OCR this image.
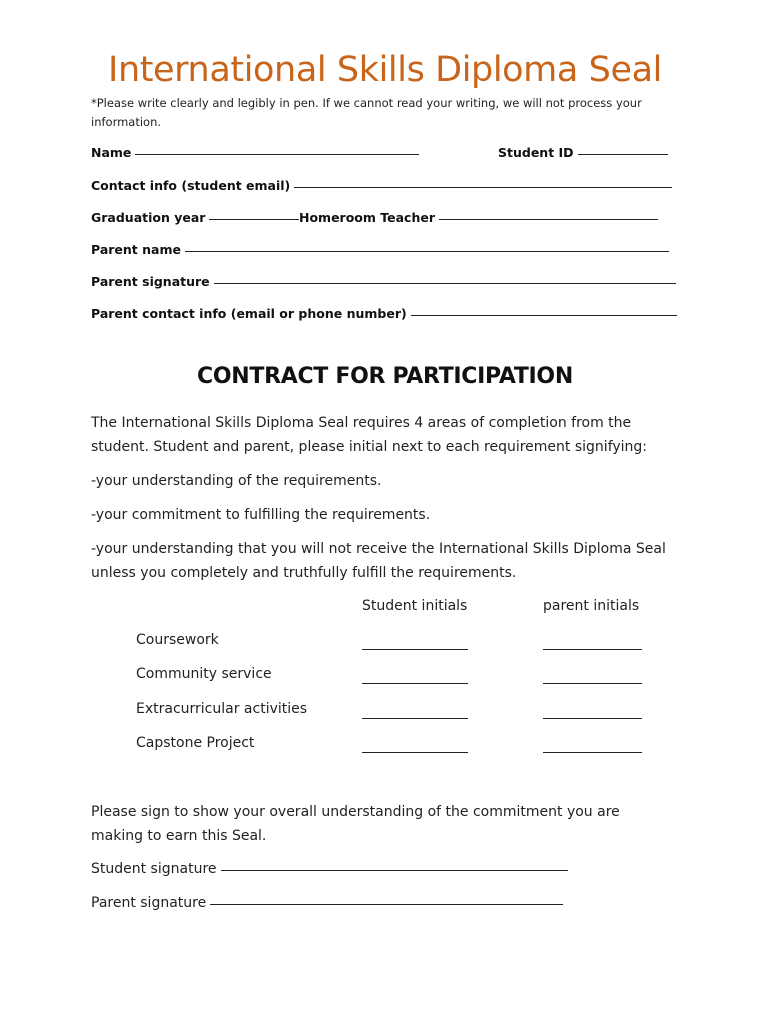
International Skills Diploma Seal
*Please write clearly and legibly in pen. If we cannot read your writing, we will not process your information.
Name	Student ID
Contact info (student email)
Graduation year	Homeroom Teacher
Parent name
Parent signature
Parent contact info (email or phone number)
CONTRACT FOR PARTICIPATION
The International Skills Diploma Seal requires 4 areas of completion from the student. Student and parent, please initial next to each requirement signifying:
-your understanding of the requirements.
-your commitment to fulfilling the requirements.
-your understanding that you will not receive the International Skills Diploma Seal unless you completely and truthfully fulfill the requirements.
Student initials	parent initials
Coursework
Community service
Extracurricular activities
Capstone Project
Please sign to show your overall understanding of the commitment you are making to earn this Seal.
Student signature
Parent signature
